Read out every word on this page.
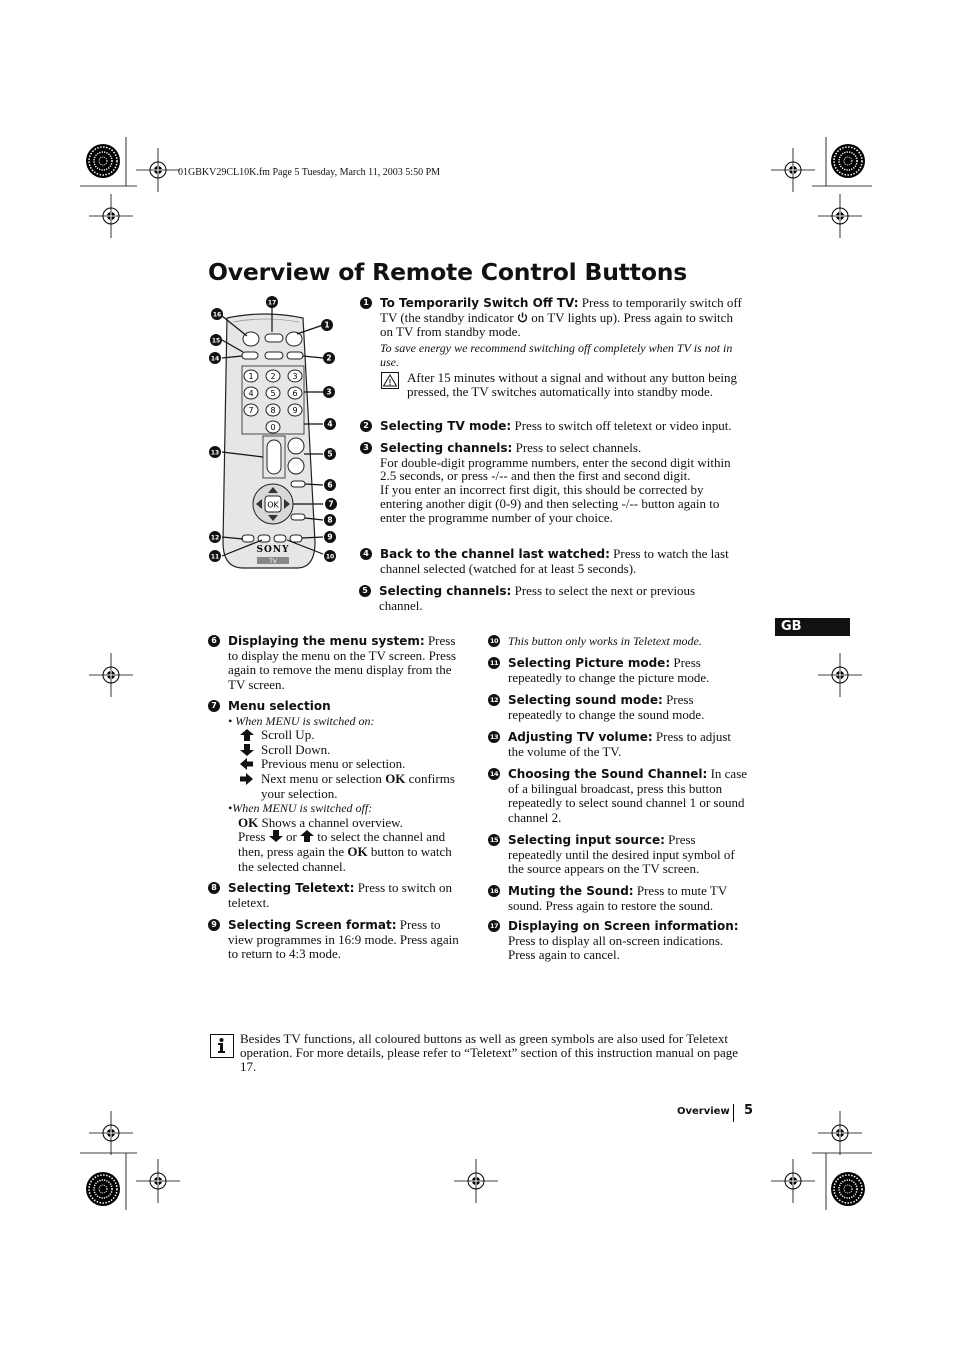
01GBKV29CL10K.fm Page 5 Tuesday, March 11, 2003 5:50 PM
Overview of Remote Control Buttons
1 2 3
4 5 6
7 8 9
0
OK
SONY
TV
1
2
3
4
5
6
7
8
9
10
11
12
13
14
15
16
17	1 To Temporarily Switch Off TV: Press to temporarily switch off TV (the standby indicator  on TV lights up). Press again to switch on TV from standby mode.
To save energy we recommend switching off completely when TV is not in use.
After 15 minutes without a signal and without any button being pressed, the TV switches automatically into standby mode.
2 Selecting TV mode: Press to switch off teletext or video input.
3 Selecting channels: Press to select channels.
For double-digit programme numbers, enter the second digit within 2.5 seconds, or press -/-- and then the first and second digit.
If you enter an incorrect first digit, this should be corrected by entering another digit (0-9) and then selecting -/-- button again to enter the programme number of your choice.
4 Back to the channel last watched: Press to watch the last channel selected (watched for at least 5 seconds).
5 Selecting channels: Press to select the next or previous channel.
GB
6 Displaying the menu system: Press to display the menu on the TV screen. Press again to remove the menu display from the TV screen.
7 Menu selection
• When MENU is switched on:
Scroll Up.
Scroll Down.
Previous menu or selection.
Next menu or selection OK confirms your selection.
•When MENU is switched off:
OK Shows a channel overview.
Press  or  to select the channel and then, press again the OK button to watch the selected channel.
8 Selecting Teletext: Press to switch on teletext.
9 Selecting Screen format: Press to view programmes in 16:9 mode. Press again to return to 4:3 mode.
10 This button only works in Teletext mode.
11 Selecting Picture mode: Press repeatedly to change the picture mode.
12 Selecting sound mode: Press repeatedly to change the sound mode.
13 Adjusting TV volume: Press to adjust the volume of the TV.
14 Choosing the Sound Channel: In case of a bilingual broadcast, press this button repeatedly to select sound channel 1 or sound channel 2.
15 Selecting input source: Press repeatedly until the desired input symbol of the source appears on the TV screen.
16 Muting the Sound: Press to mute TV sound. Press again to restore the sound.
17 Displaying on Screen information: Press to display all on-screen indications. Press again to cancel.
Besides TV functions, all coloured buttons as well as green symbols are also used for Teletext operation. For more details, please refer to “Teletext” section of this instruction manual on page 17.
Overview 5
